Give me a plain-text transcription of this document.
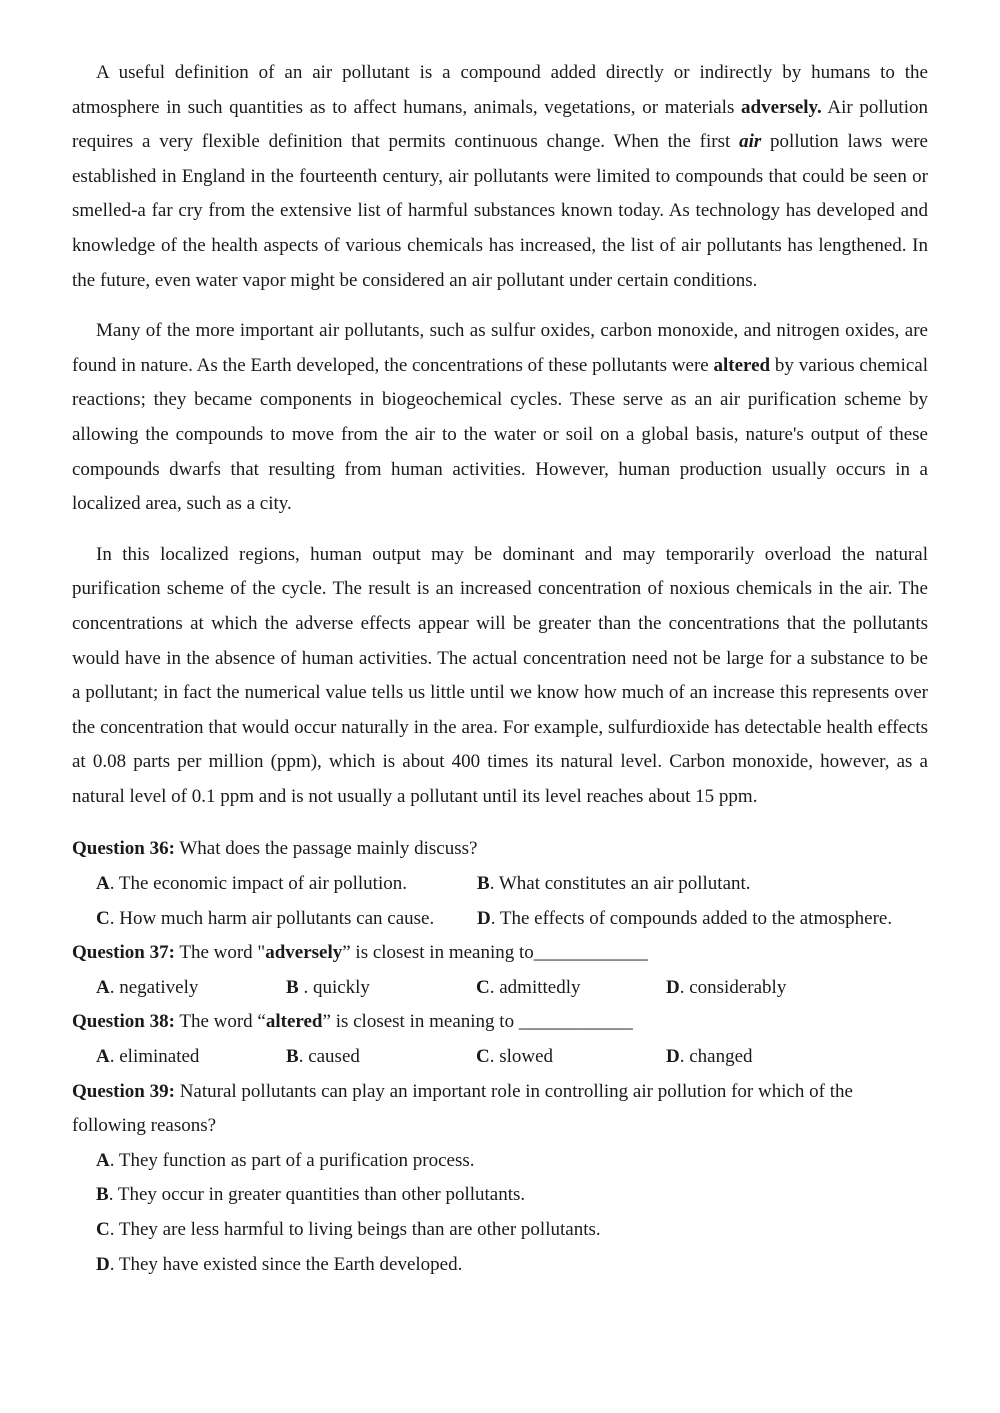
A useful definition of an air pollutant is a compound added directly or indirectly by humans to the atmosphere in such quantities as to affect humans, animals, vegetations, or materials adversely. Air pollution requires a very flexible definition that permits continuous change. When the first air pollution laws were established in England in the fourteenth century, air pollutants were limited to compounds that could be seen or smelled-a far cry from the extensive list of harmful substances known today. As technology has developed and knowledge of the health aspects of various chemicals has increased, the list of air pollutants has lengthened. In the future, even water vapor might be considered an air pollutant under certain conditions.

Many of the more important air pollutants, such as sulfur oxides, carbon monoxide, and nitrogen oxides, are found in nature. As the Earth developed, the concentrations of these pollutants were altered by various chemical reactions; they became components in biogeochemical cycles. These serve as an air purification scheme by allowing the compounds to move from the air to the water or soil on a global basis, nature's output of these compounds dwarfs that resulting from human activities. However, human production usually occurs in a localized area, such as a city.

In this localized regions, human output may be dominant and may temporarily overload the natural purification scheme of the cycle. The result is an increased concentration of noxious chemicals in the air. The concentrations at which the adverse effects appear will be greater than the concentrations that the pollutants would have in the absence of human activities. The actual concentration need not be large for a substance to be a pollutant; in fact the numerical value tells us little until we know how much of an increase this represents over the concentration that would occur naturally in the area. For example, sulfurdioxide has detectable health effects at 0.08 parts per million (ppm), which is about 400 times its natural level. Carbon monoxide, however, as a natural level of 0.1 ppm and is not usually a pollutant until its level reaches about 15 ppm.

Question 36: What does the passage mainly discuss?

A. The economic impact of air pollution.	B. What constitutes an air pollutant.
C. How much harm air pollutants can cause.	D. The effects of compounds added to the atmosphere.

Question 37: The word "adversely” is closest in meaning to____________

A. negatively	B . quickly	C. admittedly	D. considerably

Question 38: The word “altered” is closest in meaning to ____________

A. eliminated	B. caused	C. slowed	D. changed

Question 39: Natural pollutants can play an important role in controlling air pollution for which of the following reasons?

A. They function as part of a purification process.
B. They occur in greater quantities than other pollutants.
C. They are less harmful to living beings than are other pollutants.
D. They have existed since the Earth developed.
